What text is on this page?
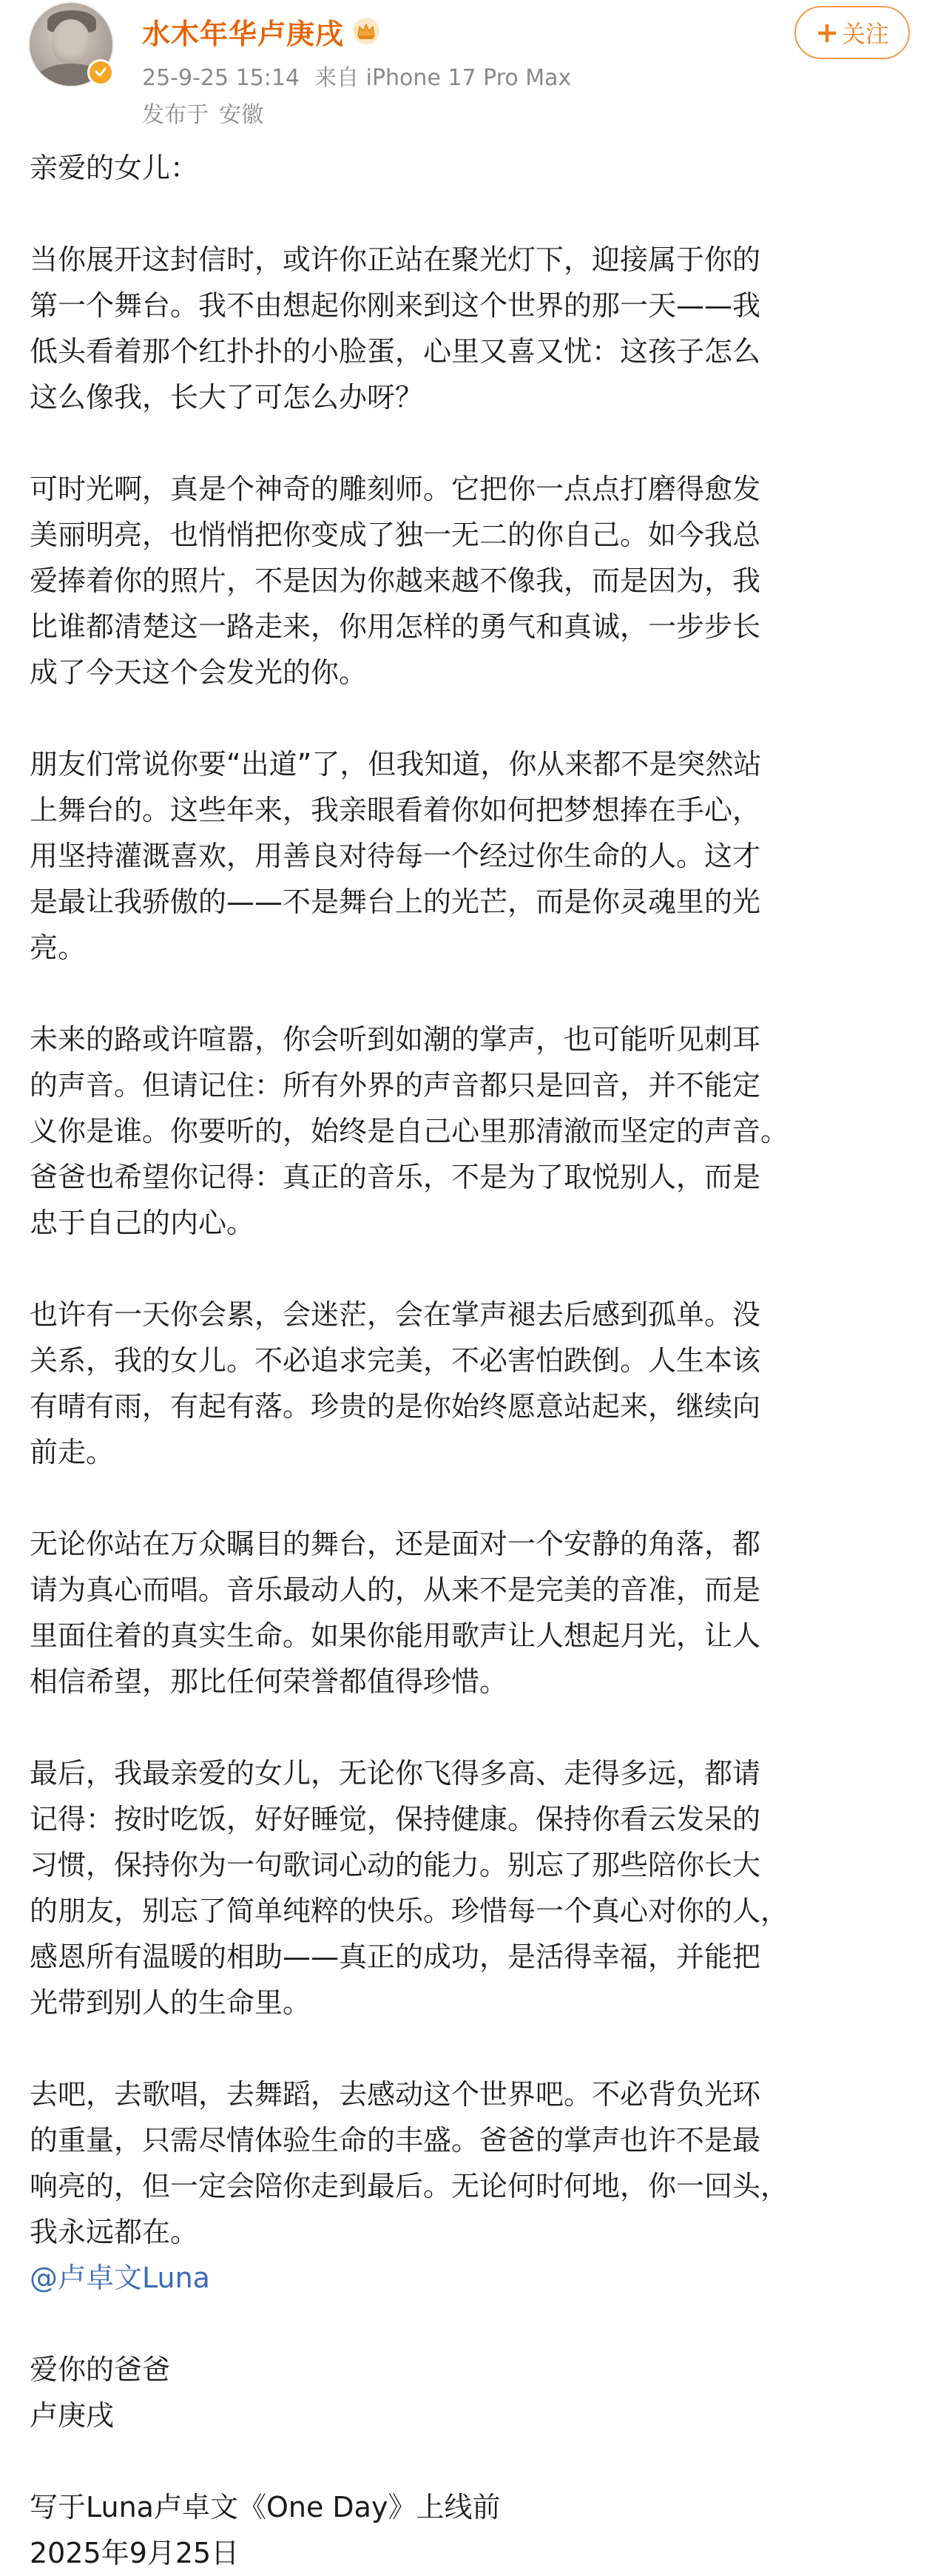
水木年华卢庚戌
25-9-25 15:14 来自 iPhone 17 Pro Max
发布于 安徽
+ 关注

亲爱的女儿：

当你展开这封信时，或许你正站在聚光灯下，迎接属于你的
第一个舞台。我不由想起你刚来到这个世界的那一天——我
低头看着那个红扑扑的小脸蛋，心里又喜又忧：这孩子怎么
这么像我，长大了可怎么办呀？

可时光啊，真是个神奇的雕刻师。它把你一点点打磨得愈发
美丽明亮，也悄悄把你变成了独一无二的你自己。如今我总
爱捧着你的照片，不是因为你越来越不像我，而是因为，我
比谁都清楚这一路走来，你用怎样的勇气和真诚，一步步长
成了今天这个会发光的你。

朋友们常说你要“出道”了，但我知道，你从来都不是突然站
上舞台的。这些年来，我亲眼看着你如何把梦想捧在手心，
用坚持灌溉喜欢，用善良对待每一个经过你生命的人。这才
是最让我骄傲的——不是舞台上的光芒，而是你灵魂里的光
亮。

未来的路或许喧嚣，你会听到如潮的掌声，也可能听见刺耳
的声音。但请记住：所有外界的声音都只是回音，并不能定
义你是谁。你要听的，始终是自己心里那清澈而坚定的声音。
爸爸也希望你记得：真正的音乐，不是为了取悦别人，而是
忠于自己的内心。

也许有一天你会累，会迷茫，会在掌声褪去后感到孤单。没
关系，我的女儿。不必追求完美，不必害怕跌倒。人生本该
有晴有雨，有起有落。珍贵的是你始终愿意站起来，继续向
前走。

无论你站在万众瞩目的舞台，还是面对一个安静的角落，都
请为真心而唱。音乐最动人的，从来不是完美的音准，而是
里面住着的真实生命。如果你能用歌声让人想起月光，让人
相信希望，那比任何荣誉都值得珍惜。

最后，我最亲爱的女儿，无论你飞得多高、走得多远，都请
记得：按时吃饭，好好睡觉，保持健康。保持你看云发呆的
习惯，保持你为一句歌词心动的能力。别忘了那些陪你长大
的朋友，别忘了简单纯粹的快乐。珍惜每一个真心对你的人，
感恩所有温暖的相助——真正的成功，是活得幸福，并能把
光带到别人的生命里。

去吧，去歌唱，去舞蹈，去感动这个世界吧。不必背负光环
的重量，只需尽情体验生命的丰盛。爸爸的掌声也许不是最
响亮的，但一定会陪你走到最后。无论何时何地，你一回头，
我永远都在。

@卢卓文Luna

爱你的爸爸

卢庚戌

写于Luna卢卓文《One Day》上线前

2025年9月25日
